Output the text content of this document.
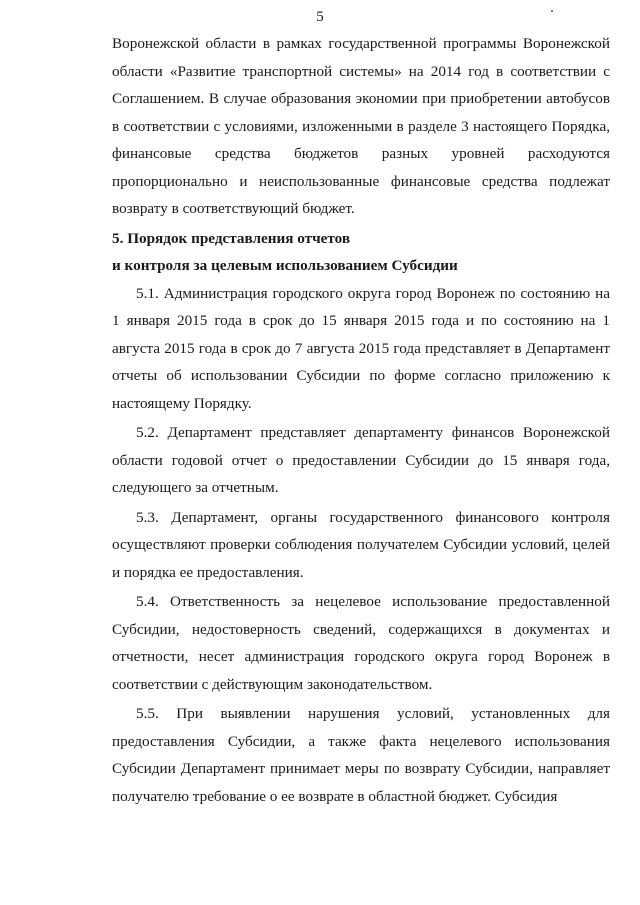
5

Воронежской области в рамках государственной программы Воронежской области «Развитие транспортной системы» на 2014 год в соответствии с Соглашением. В случае образования экономии при приобретении автобусов в соответствии с условиями, изложенными в разделе 3 настоящего Порядка, финансовые средства бюджетов разных уровней расходуются пропорционально и неиспользованные финансовые средства подлежат возврату в соответствующий бюджет.

5. Порядок представления отчетов

и контроля за целевым использованием Субсидии

5.1. Администрация городского округа город Воронеж по состоянию на 1 января 2015 года в срок до 15 января 2015 года и по состоянию на 1 августа 2015 года в срок до 7 августа 2015 года представляет в Департамент отчеты об использовании Субсидии по форме согласно приложению к настоящему Порядку.

5.2. Департамент представляет департаменту финансов Воронежской области годовой отчет о предоставлении Субсидии до 15 января года, следующего за отчетным.

5.3. Департамент, органы государственного финансового контроля осуществляют проверки соблюдения получателем Субсидии условий, целей и порядка ее предоставления.

5.4. Ответственность за нецелевое использование предоставленной Субсидии, недостоверность сведений, содержащихся в документах и отчетности, несет администрация городского округа город Воронеж в соответствии с действующим законодательством.

5.5. При выявлении нарушения условий, установленных для предоставления Субсидии, а также факта нецелевого использования Субсидии Департамент принимает меры по возврату Субсидии, направляет получателю требование о ее возврате в областной бюджет. Субсидия
